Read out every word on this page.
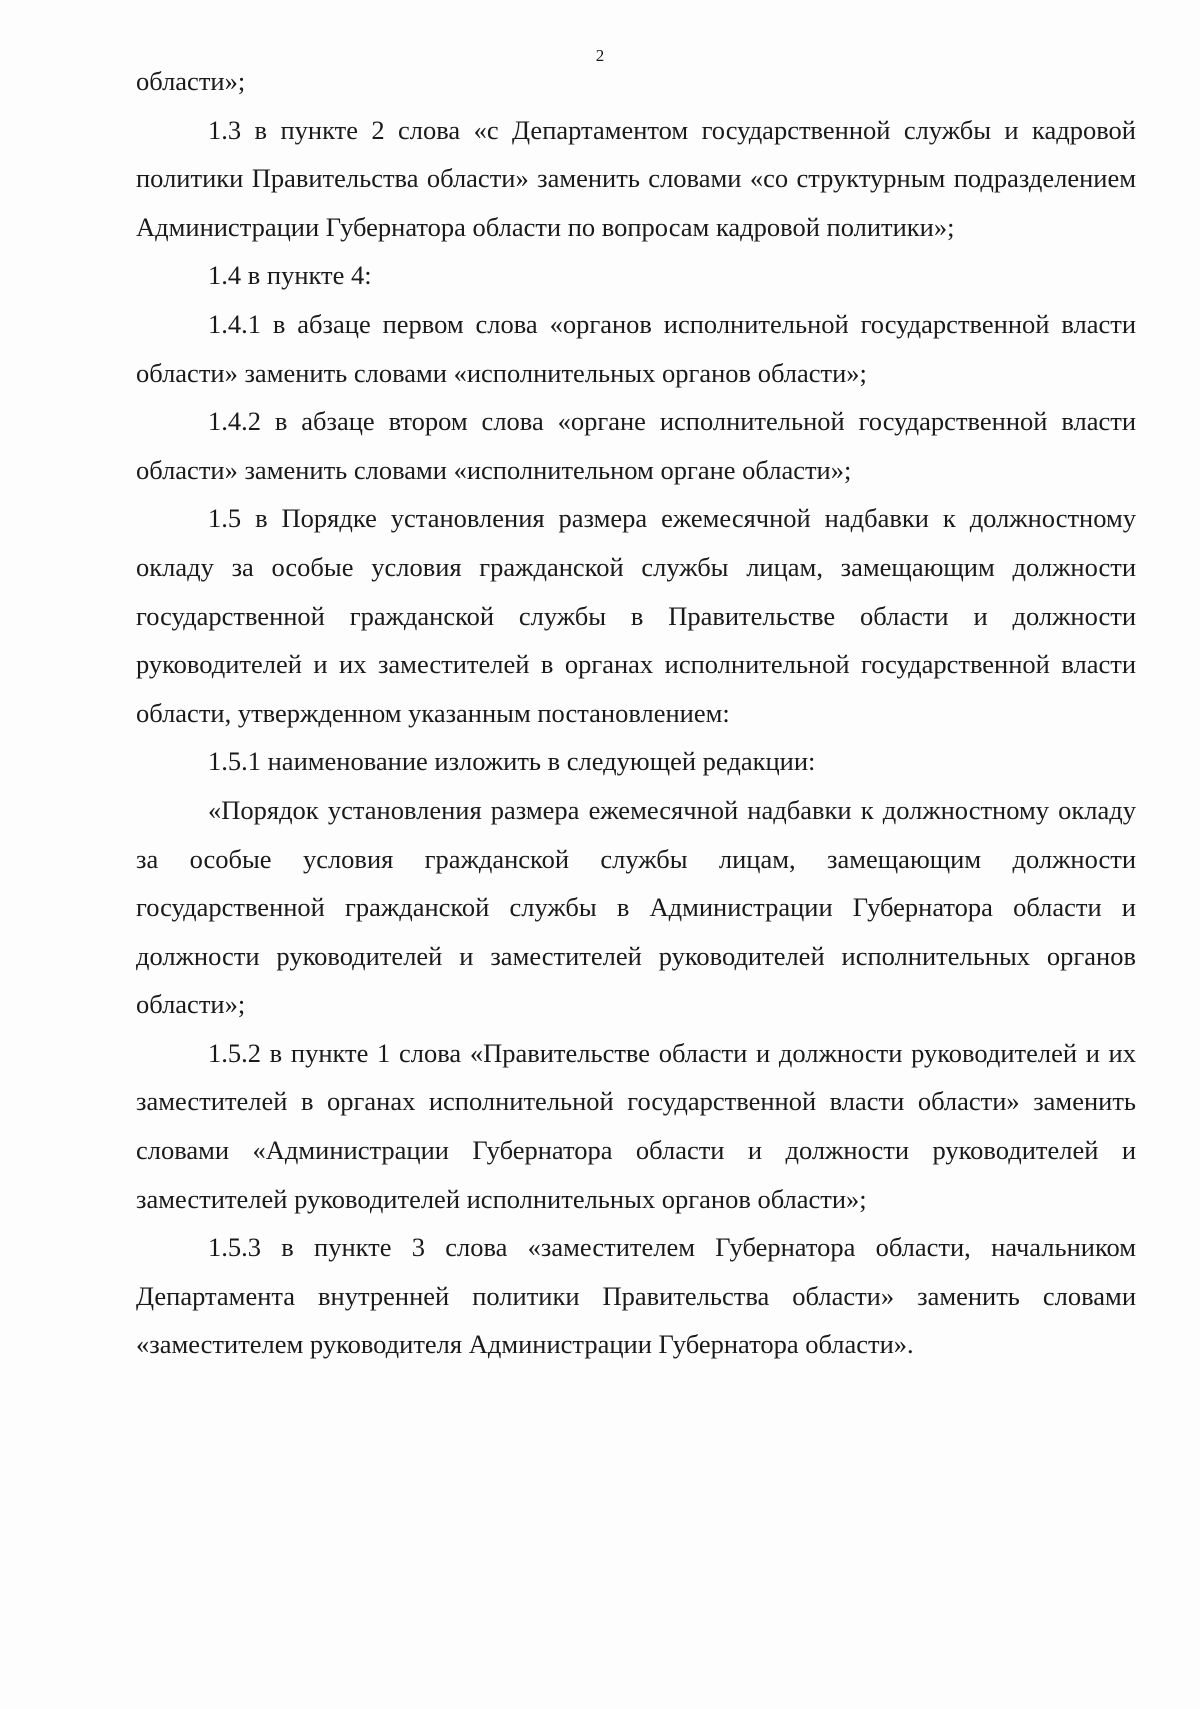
2

области»;

1.3 в пункте 2 слова «с Департаментом государственной службы и кадровой политики Правительства области» заменить словами «со структурным подразделением Администрации Губернатора области по вопросам кадровой политики»;

1.4 в пункте 4:

1.4.1 в абзаце первом слова «органов исполнительной государственной власти области» заменить словами «исполнительных органов области»;

1.4.2 в абзаце втором слова «органе исполнительной государственной власти области» заменить словами «исполнительном органе области»;

1.5 в Порядке установления размера ежемесячной надбавки к должностному окладу за особые условия гражданской службы лицам, замещающим должности государственной гражданской службы в Правительстве области и должности руководителей и их заместителей в органах исполнительной государственной власти области, утвержденном указанным постановлением:

1.5.1 наименование изложить в следующей редакции:

«Порядок установления размера ежемесячной надбавки к должностному окладу за особые условия гражданской службы лицам, замещающим должности государственной гражданской службы в Администрации Губернатора области и должности руководителей и заместителей руководителей исполнительных органов области»;

1.5.2 в пункте 1 слова «Правительстве области и должности руководителей и их заместителей в органах исполнительной государственной власти области» заменить словами «Администрации Губернатора области и должности руководителей и заместителей руководителей исполнительных органов области»;

1.5.3 в пункте 3 слова «заместителем Губернатора области, начальником Департамента внутренней политики Правительства области» заменить словами «заместителем руководителя Администрации Губернатора области».
